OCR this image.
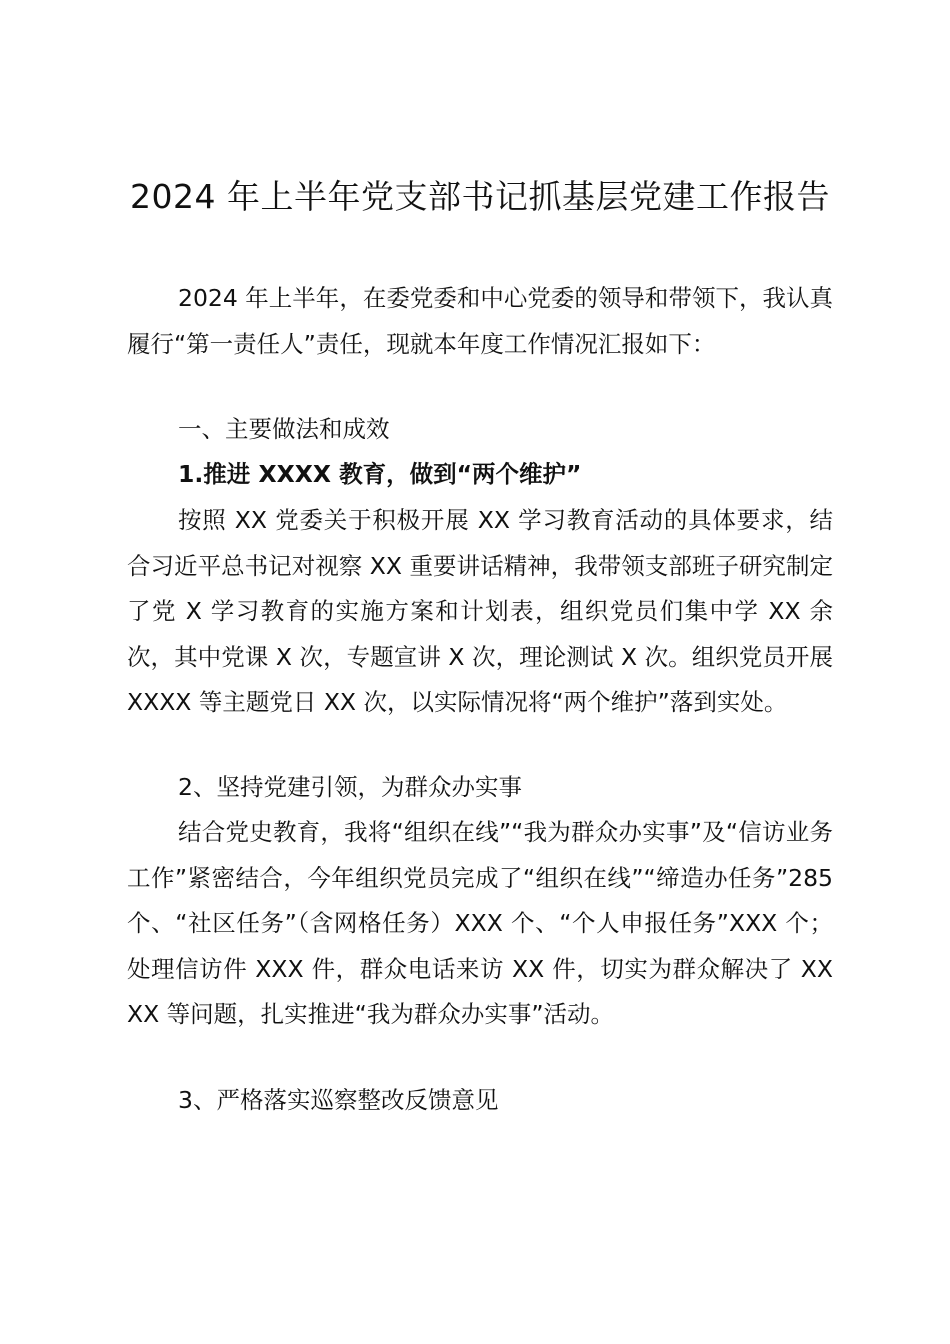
2024 年上半年党支部书记抓基层党建工作报告

2024 年上半年，在委党委和中心党委的领导和带领下，我认真履行“第一责任人”责任，现就本年度工作情况汇报如下：

一、主要做法和成效

1.推进 XXXX 教育，做到“两个维护”

按照 XX 党委关于积极开展 XX 学习教育活动的具体要求，结合习近平总书记对视察 XX 重要讲话精神，我带领支部班子研究制定了党 X 学习教育的实施方案和计划表，组织党员们集中学 XX 余次，其中党课 X 次，专题宣讲 X 次，理论测试 X 次。组织党员开展 XXXX 等主题党日 XX 次，以实际情况将“两个维护”落到实处。

2、坚持党建引领，为群众办实事

结合党史教育，我将“组织在线”“我为群众办实事”及“信访业务工作”紧密结合，今年组织党员完成了“组织在线”“缔造办任务”285 个、“社区任务”（含网格任务）XXX 个、“个人申报任务”XXX 个；处理信访件 XXX 件，群众电话来访 XX 件，切实为群众解决了 XXXX 等问题，扎实推进“我为群众办实事”活动。

3、严格落实巡察整改反馈意见
